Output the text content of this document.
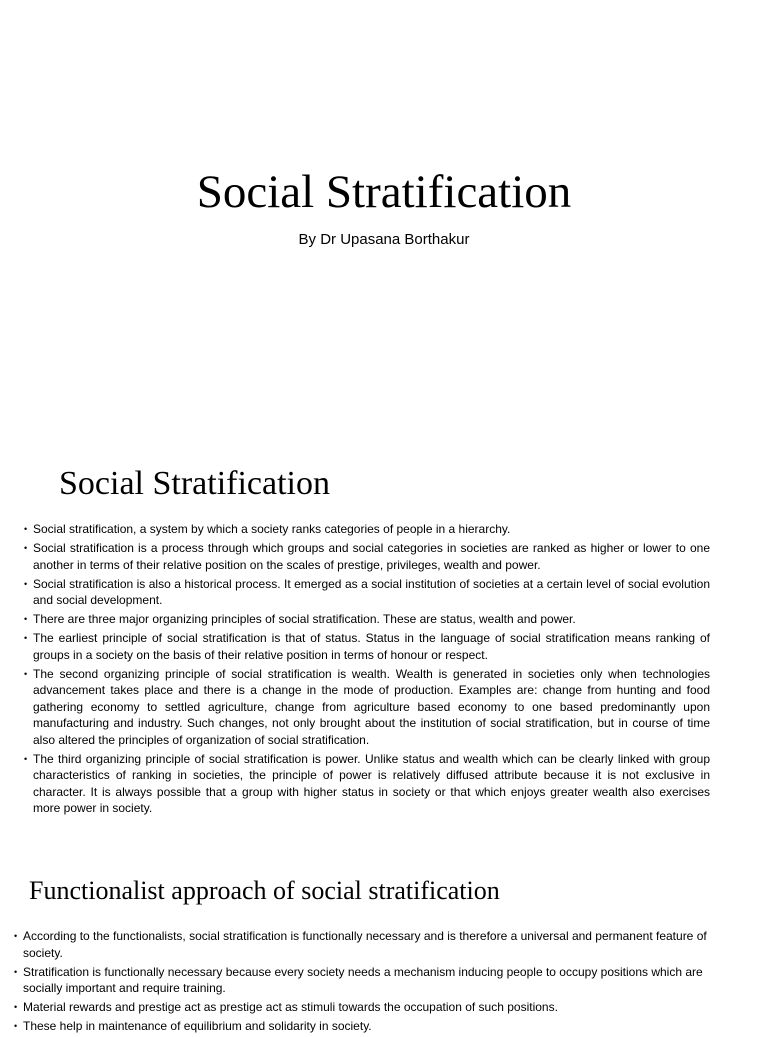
Social Stratification
By Dr Upasana Borthakur
Social Stratification
• Social stratification, a system by which a society ranks categories of people in a hierarchy.
• Social stratification is a process through which groups and social categories in societies are ranked as higher or lower to one another in terms of their relative position on the scales of prestige, privileges, wealth and power.
• Social stratification is also a historical process. It emerged as a social institution of societies at a certain level of social evolution and social development.
• There are three major organizing principles of social stratification. These are status, wealth and power.
• The earliest principle of social stratification is that of status. Status in the language of social stratification means ranking of groups in a society on the basis of their relative position in terms of honour or respect.
• The second organizing principle of social stratification is wealth. Wealth is generated in societies only when technologies advancement takes place and there is a change in the mode of production. Examples are: change from hunting and food gathering economy to settled agriculture, change from agriculture based economy to one based predominantly upon manufacturing and industry. Such changes, not only brought about the institution of social stratification, but in course of time also altered the principles of organization of social stratification.
• The third organizing principle of social stratification is power. Unlike status and wealth which can be clearly linked with group characteristics of ranking in societies, the principle of power is relatively diffused attribute because it is not exclusive in character. It is always possible that a group with higher status in society or that which enjoys greater wealth also exercises more power in society.
Functionalist approach of social stratification
• According to the functionalists, social stratification is functionally necessary and is therefore a universal and permanent feature of society.
• Stratification is functionally necessary because every society needs a mechanism inducing people to occupy positions which are socially important and require training.
• Material rewards and prestige act as prestige act as stimuli towards the occupation of such positions.
• These help in maintenance of equilibrium and solidarity in society.
